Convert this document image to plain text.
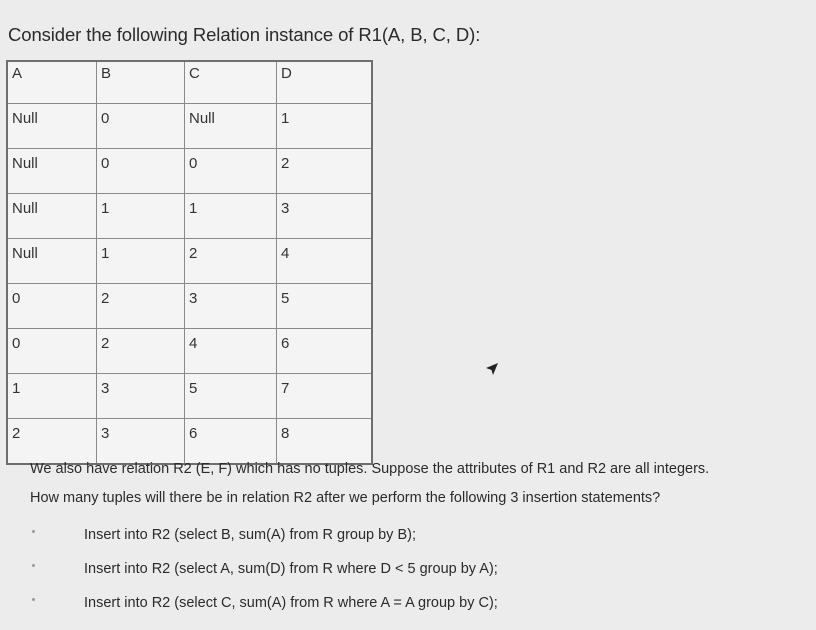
Consider the following Relation instance of R1(A, B, C, D):
A	B	C	D
Null	0	Null	1
Null	0	0	2
Null	1	1	3
Null	1	2	4
0	2	3	5
0	2	4	6
1	3	5	7
2	3	6	8
We also have relation R2 (E, F) which has no tuples. Suppose the attributes of R1 and R2 are all integers.
How many tuples will there be in relation R2 after we perform the following 3 insertion statements?
Insert into R2 (select B, sum(A) from R group by B);
Insert into R2 (select A, sum(D) from R where D < 5 group by A);
Insert into R2 (select C, sum(A) from R where A = A group by C);
